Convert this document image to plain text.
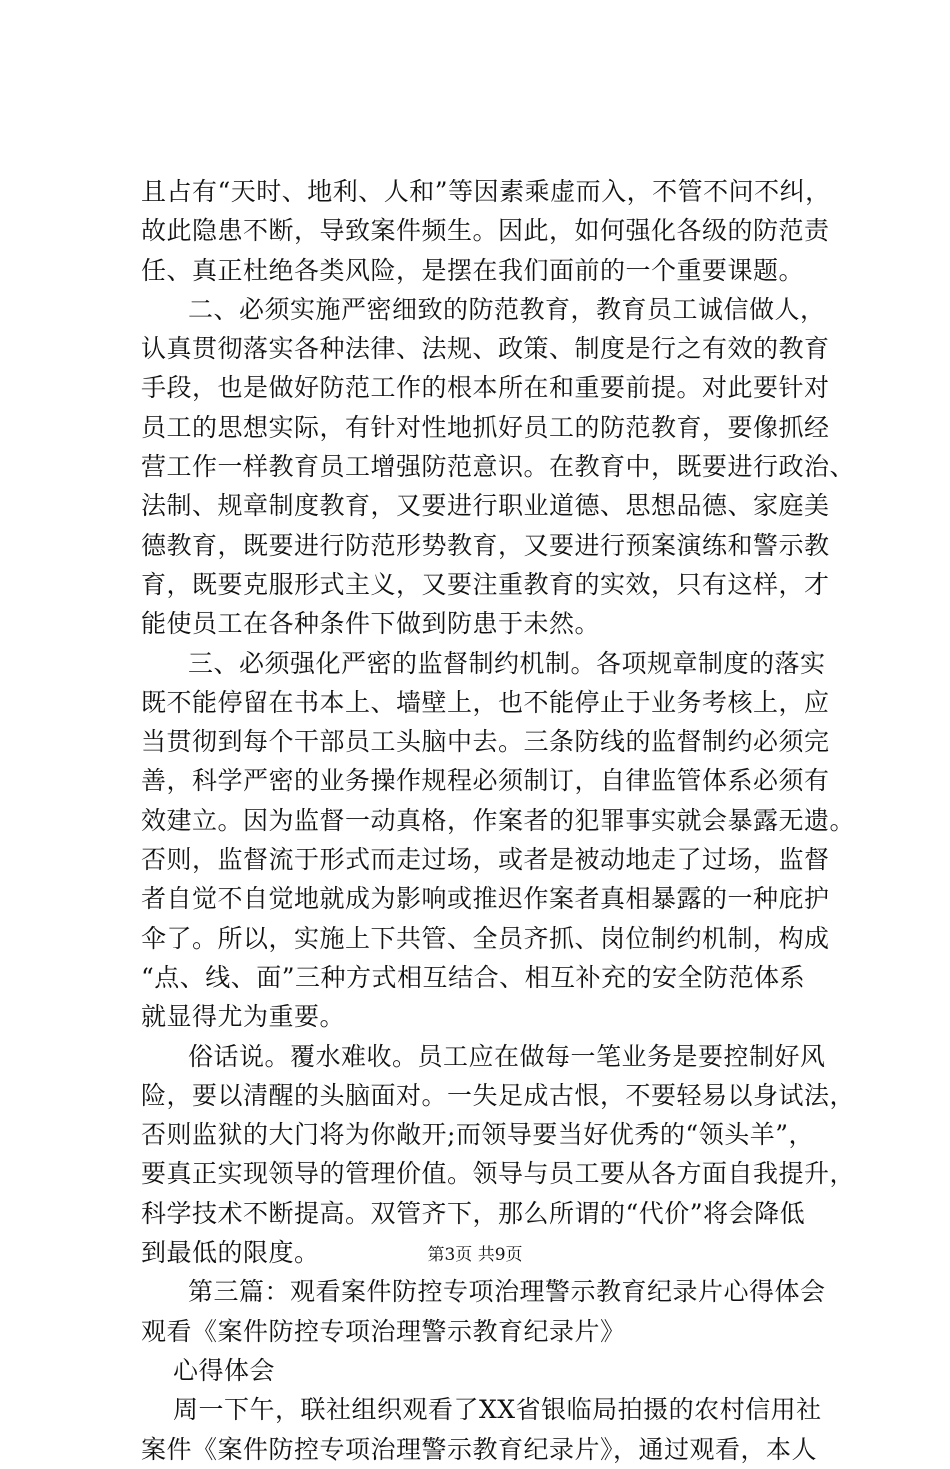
且占有“天时、地利、人和”等因素乘虚而入，不管不问不纠，
故此隐患不断，导致案件频生。因此，如何强化各级的防范责
任、真正杜绝各类风险，是摆在我们面前的一个重要课题。
二、必须实施严密细致的防范教育，教育员工诚信做人，
认真贯彻落实各种法律、法规、政策、制度是行之有效的教育
手段，也是做好防范工作的根本所在和重要前提。对此要针对
员工的思想实际，有针对性地抓好员工的防范教育，要像抓经
营工作一样教育员工增强防范意识。在教育中，既要进行政治、
法制、规章制度教育，又要进行职业道德、思想品德、家庭美
德教育，既要进行防范形势教育，又要进行预案演练和警示教
育，既要克服形式主义，又要注重教育的实效，只有这样，才
能使员工在各种条件下做到防患于未然。
三、必须强化严密的监督制约机制。各项规章制度的落实
既不能停留在书本上、墙壁上，也不能停止于业务考核上，应
当贯彻到每个干部员工头脑中去。三条防线的监督制约必须完
善，科学严密的业务操作规程必须制订，自律监管体系必须有
效建立。因为监督一动真格，作案者的犯罪事实就会暴露无遗。
否则，监督流于形式而走过场，或者是被动地走了过场，监督
者自觉不自觉地就成为影响或推迟作案者真相暴露的一种庇护
伞了。所以，实施上下共管、全员齐抓、岗位制约机制，构成
“点、线、面”三种方式相互结合、相互补充的安全防范体系
就显得尤为重要。
俗话说。覆水难收。员工应在做每一笔业务是要控制好风
险，要以清醒的头脑面对。一失足成古恨，不要轻易以身试法，
否则监狱的大门将为你敞开;而领导要当好优秀的“领头羊”，
要真正实现领导的管理价值。领导与员工要从各方面自我提升，
科学技术不断提高。双管齐下，那么所谓的“代价”将会降低
到最低的限度。
第三篇：观看案件防控专项治理警示教育纪录片心得体会
观看《案件防控专项治理警示教育纪录片》
心得体会
周一下午，联社组织观看了XX省银临局拍摄的农村信用社
案件《案件防控专项治理警示教育纪录片》，通过观看，本人
第3页 共9页
